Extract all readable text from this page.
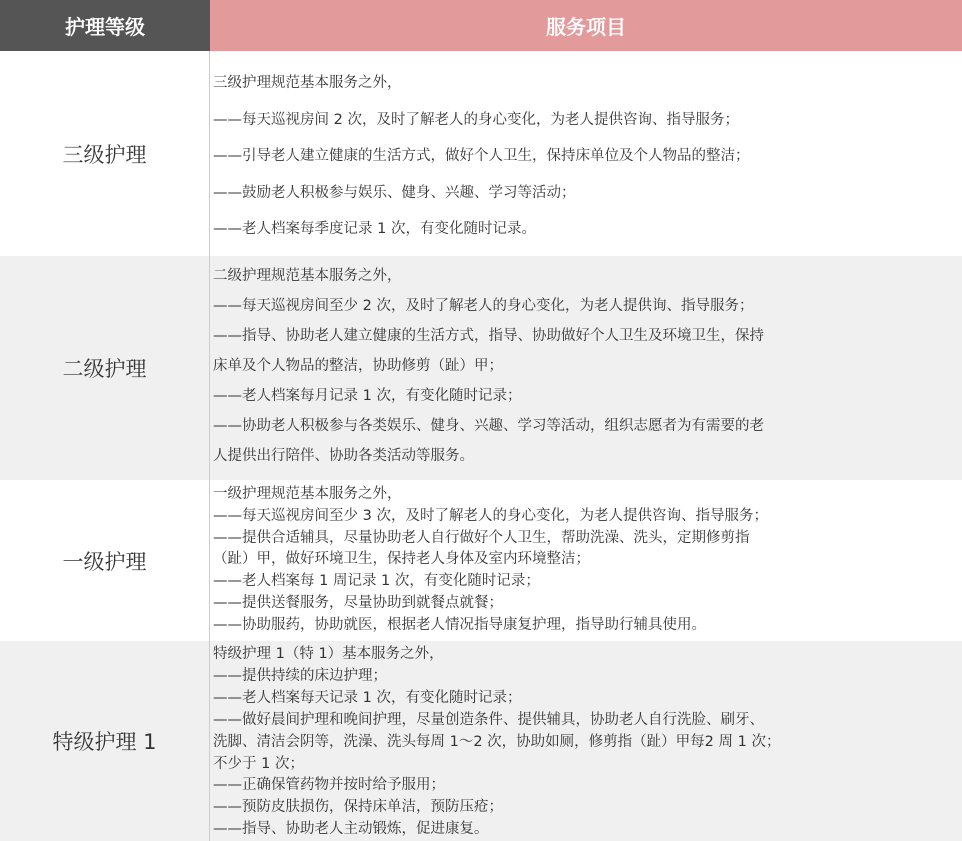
护理等级	服务项目
三级护理
三级护理规范基本服务之外，
——每天巡视房间 2 次，及时了解老人的身心变化，为老人提供咨询、指导服务；
——引导老人建立健康的生活方式，做好个人卫生，保持床单位及个人物品的整洁；
——鼓励老人积极参与娱乐、健身、兴趣、学习等活动；
——老人档案每季度记录 1 次，有变化随时记录。
二级护理
二级护理规范基本服务之外，
——每天巡视房间至少 2 次，及时了解老人的身心变化，为老人提供询、指导服务；
——指导、协助老人建立健康的生活方式，指导、协助做好个人卫生及环境卫生，保持
床单及个人物品的整洁，协助修剪（趾）甲；
——老人档案每月记录 1 次，有变化随时记录；
——协助老人积极参与各类娱乐、健身、兴趣、学习等活动，组织志愿者为有需要的老
人提供出行陪伴、协助各类活动等服务。
一级护理
一级护理规范基本服务之外，
——每天巡视房间至少 3 次，及时了解老人的身心变化，为老人提供咨询、指导服务；
——提供合适辅具，尽量协助老人自行做好个人卫生，帮助洗澡、洗头，定期修剪指
（趾）甲，做好环境卫生，保持老人身体及室内环境整洁；
——老人档案每 1 周记录 1 次，有变化随时记录；
——提供送餐服务，尽量协助到就餐点就餐；
——协助服药，协助就医，根据老人情况指导康复护理，指导助行辅具使用。
特级护理 1
特级护理 1（特 1）基本服务之外，
——提供持续的床边护理；
——老人档案每天记录 1 次，有变化随时记录；
——做好晨间护理和晚间护理，尽量创造条件、提供辅具，协助老人自行洗脸、刷牙、
洗脚、清洁会阴等，洗澡、洗头每周 1～2 次，协助如厕，修剪指（趾）甲每2 周 1 次；
不少于 1 次；
——正确保管药物并按时给予服用；
——预防皮肤损伤，保持床单洁，预防压疮；
——指导、协助老人主动锻炼，促进康复。
